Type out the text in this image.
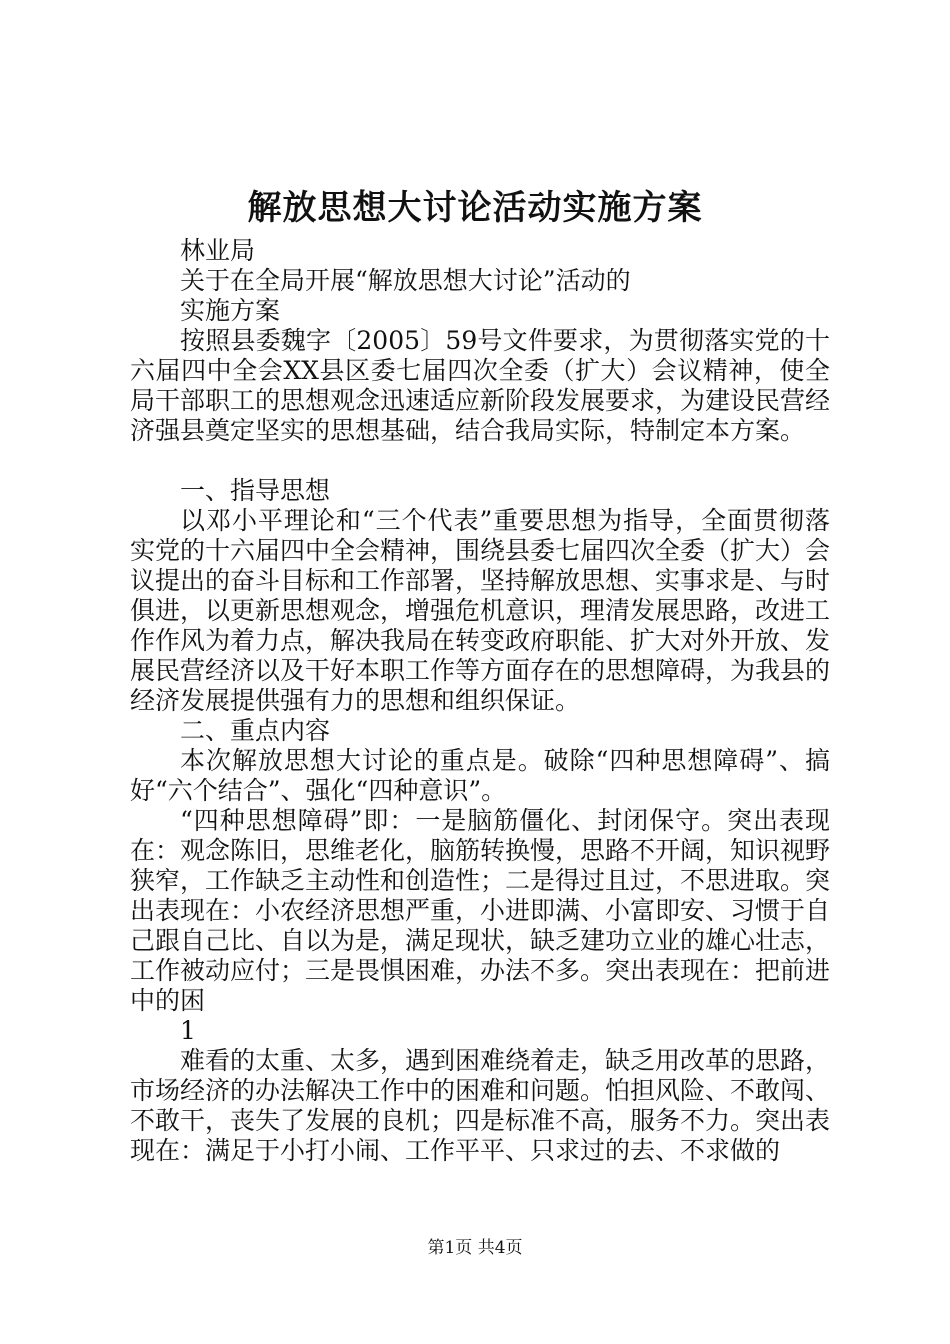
解放思想大讨论活动实施方案

林业局

关于在全局开展“解放思想大讨论”活动的

实施方案

按照县委魏字〔2005〕59号文件要求，为贯彻落实党的十六届四中全会XX县区委七届四次全委（扩大）会议精神，使全局干部职工的思想观念迅速适应新阶段发展要求，为建设民营经济强县奠定坚实的思想基础，结合我局实际，特制定本方案。

一、指导思想

以邓小平理论和“三个代表”重要思想为指导，全面贯彻落实党的十六届四中全会精神，围绕县委七届四次全委（扩大）会议提出的奋斗目标和工作部署，坚持解放思想、实事求是、与时俱进，以更新思想观念，增强危机意识，理清发展思路，改进工作作风为着力点，解决我局在转变政府职能、扩大对外开放、发展民营经济以及干好本职工作等方面存在的思想障碍，为我县的经济发展提供强有力的思想和组织保证。

二、重点内容

本次解放思想大讨论的重点是。破除“四种思想障碍”、搞好“六个结合”、强化“四种意识”。

“四种思想障碍”即：一是脑筋僵化、封闭保守。突出表现在：观念陈旧，思维老化，脑筋转换慢，思路不开阔，知识视野狭窄，工作缺乏主动性和创造性；二是得过且过，不思进取。突出表现在：小农经济思想严重，小进即满、小富即安、习惯于自己跟自己比、自以为是，满足现状，缺乏建功立业的雄心壮志，工作被动应付；三是畏惧困难，办法不多。突出表现在：把前进中的困

1

难看的太重、太多，遇到困难绕着走，缺乏用改革的思路，市场经济的办法解决工作中的困难和问题。怕担风险、不敢闯、不敢干，丧失了发展的良机；四是标准不高，服务不力。突出表现在：满足于小打小闹、工作平平、只求过的去、不求做的

第1页 共4页
